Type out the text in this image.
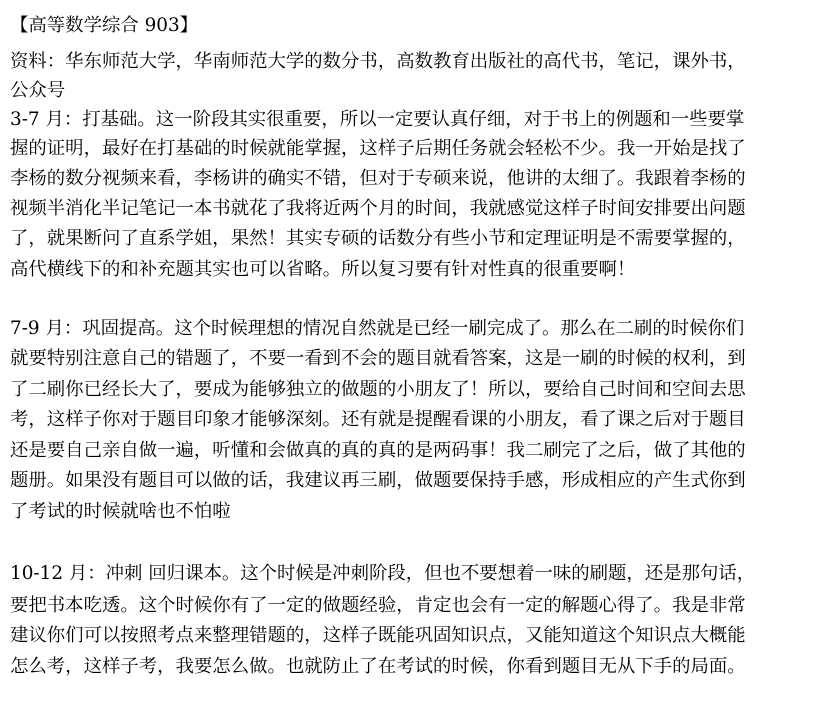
【高等数学综合 903】
资料：华东师范大学，华南师范大学的数分书，高数教育出版社的高代书，笔记，课外书，
公众号
3-7 月：打基础。这一阶段其实很重要，所以一定要认真仔细，对于书上的例题和一些要掌
握的证明，最好在打基础的时候就能掌握，这样子后期任务就会轻松不少。我一开始是找了
李杨的数分视频来看，李杨讲的确实不错，但对于专硕来说，他讲的太细了。我跟着李杨的
视频半消化半记笔记一本书就花了我将近两个月的时间，我就感觉这样子时间安排要出问题
了，就果断问了直系学姐，果然！其实专硕的话数分有些小节和定理证明是不需要掌握的，
高代横线下的和补充题其实也可以省略。所以复习要有针对性真的很重要啊！
7-9 月：巩固提高。这个时候理想的情况自然就是已经一刷完成了。那么在二刷的时候你们
就要特别注意自己的错题了，不要一看到不会的题目就看答案，这是一刷的时候的权利，到
了二刷你已经长大了，要成为能够独立的做题的小朋友了！所以，要给自己时间和空间去思
考，这样子你对于题目印象才能够深刻。还有就是提醒看课的小朋友，看了课之后对于题目
还是要自己亲自做一遍，听懂和会做真的真的真的是两码事！我二刷完了之后，做了其他的
题册。如果没有题目可以做的话，我建议再三刷，做题要保持手感，形成相应的产生式你到
了考试的时候就啥也不怕啦
10-12 月：冲刺 回归课本。这个时候是冲刺阶段，但也不要想着一味的刷题，还是那句话，
要把书本吃透。这个时候你有了一定的做题经验，肯定也会有一定的解题心得了。我是非常
建议你们可以按照考点来整理错题的，这样子既能巩固知识点，又能知道这个知识点大概能
怎么考，这样子考，我要怎么做。也就防止了在考试的时候，你看到题目无从下手的局面。
